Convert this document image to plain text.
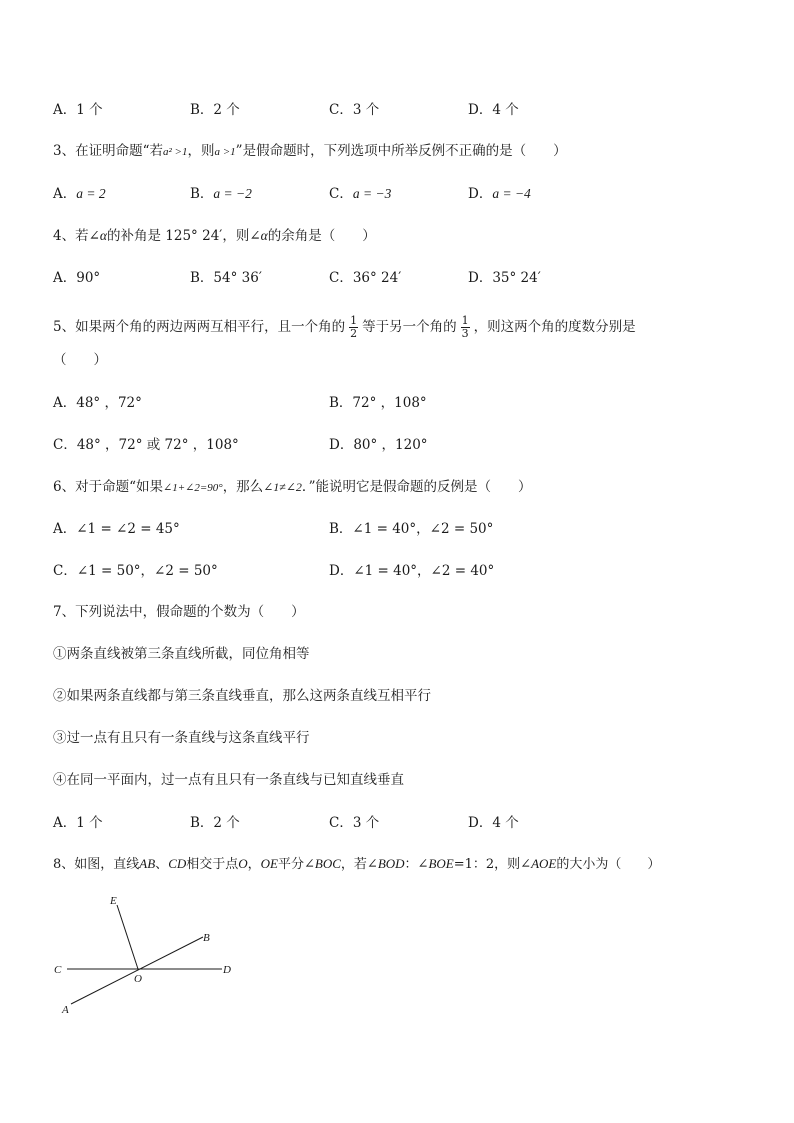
A．1 个	B．2 个	C．3 个	D．4 个
3、在证明命题“若a² >1，则a >1”是假命题时，下列选项中所举反例不正确的是（　　）
A．a = 2	B．a = −2	C．a = −3	D．a = −4
4、若∠α的补角是 125° 24′，则∠α的余角是（　　）
A．90°	B．54° 36′	C．36° 24′	D．35° 24′
5、如果两个角的两边两两互相平行，且一个角的 $\frac{1}{2}$ 等于另一个角的 $\frac{1}{3}$ ，则这两个角的度数分别是
（　　）
A．48° ，72°	B．72° ，108°
C．48° ，72° 或 72° ，108°	D．80° ，120°
6、对于命题“如果∠1+∠2=90°，那么∠1≠∠2．”能说明它是假命题的反例是（　　）
A．∠1 = ∠2 = 45°	B．∠1 = 40°，∠2 = 50°
C．∠1 = 50°，∠2 = 50°	D．∠1 = 40°，∠2 = 40°
7、下列说法中，假命题的个数为（　　）
①两条直线被第三条直线所截，同位角相等
②如果两条直线都与第三条直线垂直，那么这两条直线互相平行
③过一点有且只有一条直线与这条直线平行
④在同一平面内，过一点有且只有一条直线与已知直线垂直
A．1 个	B．2 个	C．3 个	D．4 个
8、如图，直线AB、CD相交于点O，OE平分∠BOC，若∠BOD：∠BOE=1：2，则∠AOE的大小为（　　）
E
B
C
O
D
A
